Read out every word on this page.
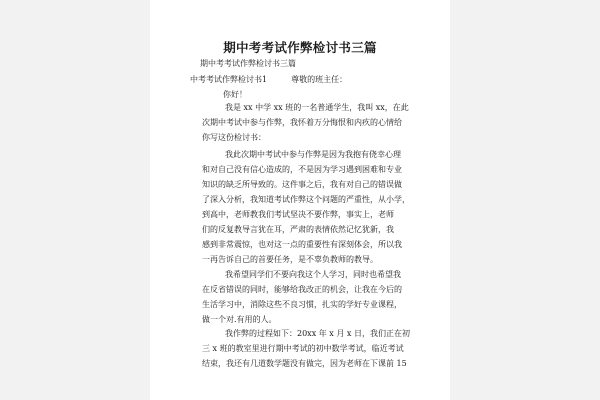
期中考考试作弊检讨书三篇
期中考考试作弊检讨书三篇
中考考试作弊检讨书1　　　尊敬的班主任：
你好！
我是 xx 中学 xx 班的一名普通学生，我叫 xx，在此
次期中考试中参与作弊，我怀着万分悔恨和内疚的心情给
你写这份检讨书：
我此次期中考试中参与作弊是因为我抱有侥幸心理
和对自己没有信心造成的，不是因为学习遇到困难和专业
知识的缺乏所导致的。这件事之后，我有对自己的错误做
了深入分析，我知道考试作弊这个问题的严重性，从小学，
到高中，老师教我们考试坚决不要作弊，事实上，老师
们的反复教导言犹在耳，严肃的表情依然记忆犹新，我
感到非常震惊，也对这一点的重要性有深刻体会，所以我
一再告诉自己的首要任务，是不辜负教师的教导。
我希望同学们不要向我这个人学习，同时也希望我
在反省错误的同时，能够给我改正的机会，让我在今后的
生活学习中，消除这些不良习惯，扎实的学好专业课程，
做一个对.有用的人。
我作弊的过程如下：20xx 年 x 月 x 日，我们正在初
三 x 班的教室里进行期中考试的初中数学考试，临近考试
结束，我还有几道数学题没有做完，因为老师在下课前 15
